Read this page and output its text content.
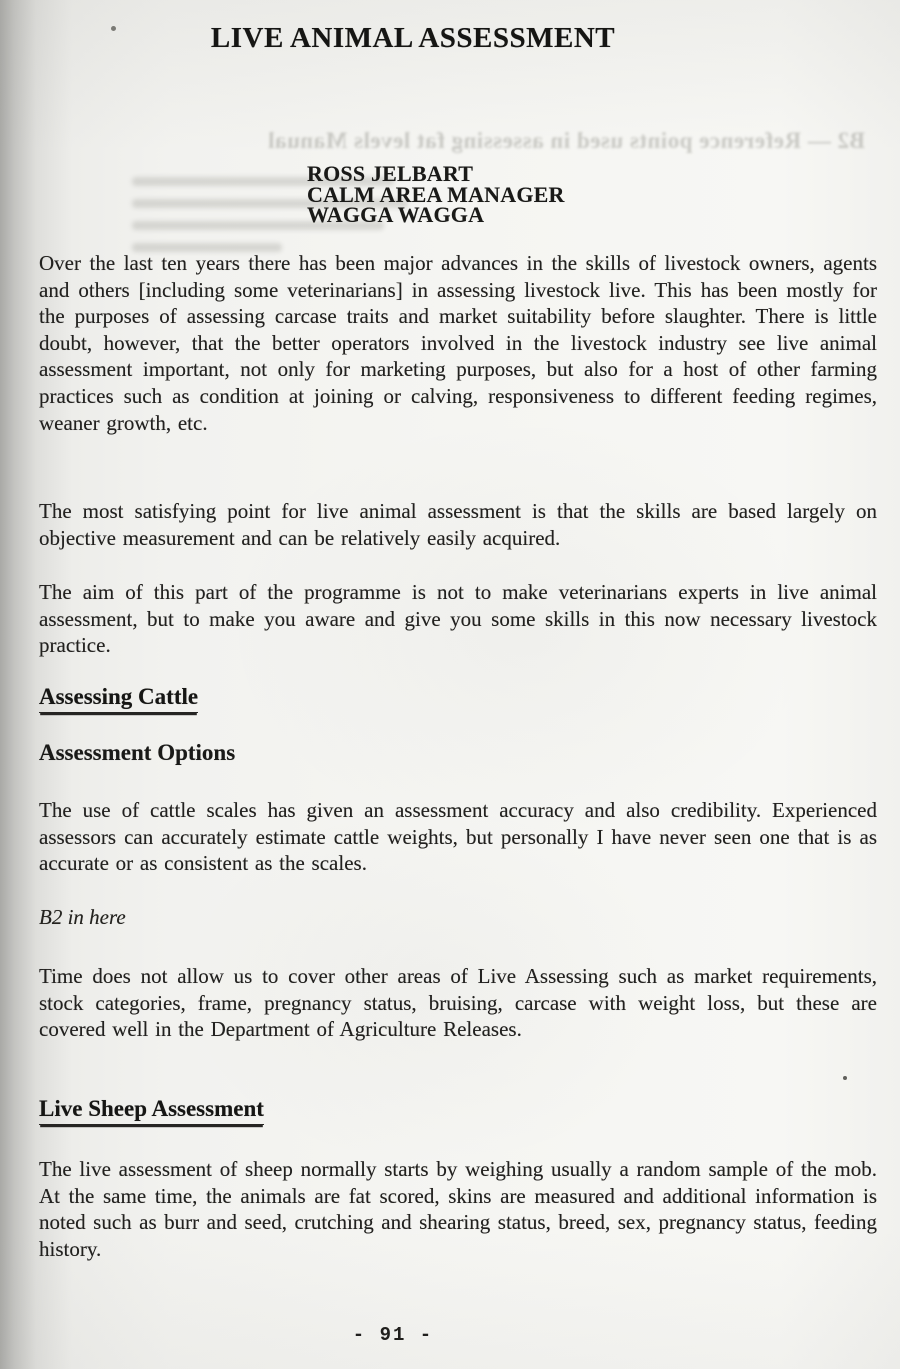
B2 — Reference points used in assessing fat levels Manual
LIVE ANIMAL ASSESSMENT
ROSS JELBART
CALM AREA MANAGER
WAGGA WAGGA

Over the last ten years there has been major advances in the skills of livestock owners, agents and others [including some veterinarians] in assessing livestock live. This has been mostly for the purposes of assessing carcase traits and market suitability before slaughter. There is little doubt, however, that the better operators involved in the livestock industry see live animal assessment important, not only for marketing purposes, but also for a host of other farming practices such as condition at joining or calving, responsiveness to different feeding regimes, weaner growth, etc.

The most satisfying point for live animal assessment is that the skills are based largely on objective measurement and can be relatively easily acquired.

The aim of this part of the programme is not to make veterinarians experts in live animal assessment, but to make you aware and give you some skills in this now necessary livestock practice.

Assessing Cattle
Assessment Options

The use of cattle scales has given an assessment accuracy and also credibility. Experienced assessors can accurately estimate cattle weights, but personally I have never seen one that is as accurate or as consistent as the scales.

B2 in here

Time does not allow us to cover other areas of Live Assessing such as market requirements, stock categories, frame, pregnancy status, bruising, carcase with weight loss, but these are covered well in the Department of Agriculture Releases.

Live Sheep Assessment

The live assessment of sheep normally starts by weighing usually a random sample of the mob. At the same time, the animals are fat scored, skins are measured and additional information is noted such as burr and seed, crutching and shearing status, breed, sex, pregnancy status, feeding history.

- 91 -
